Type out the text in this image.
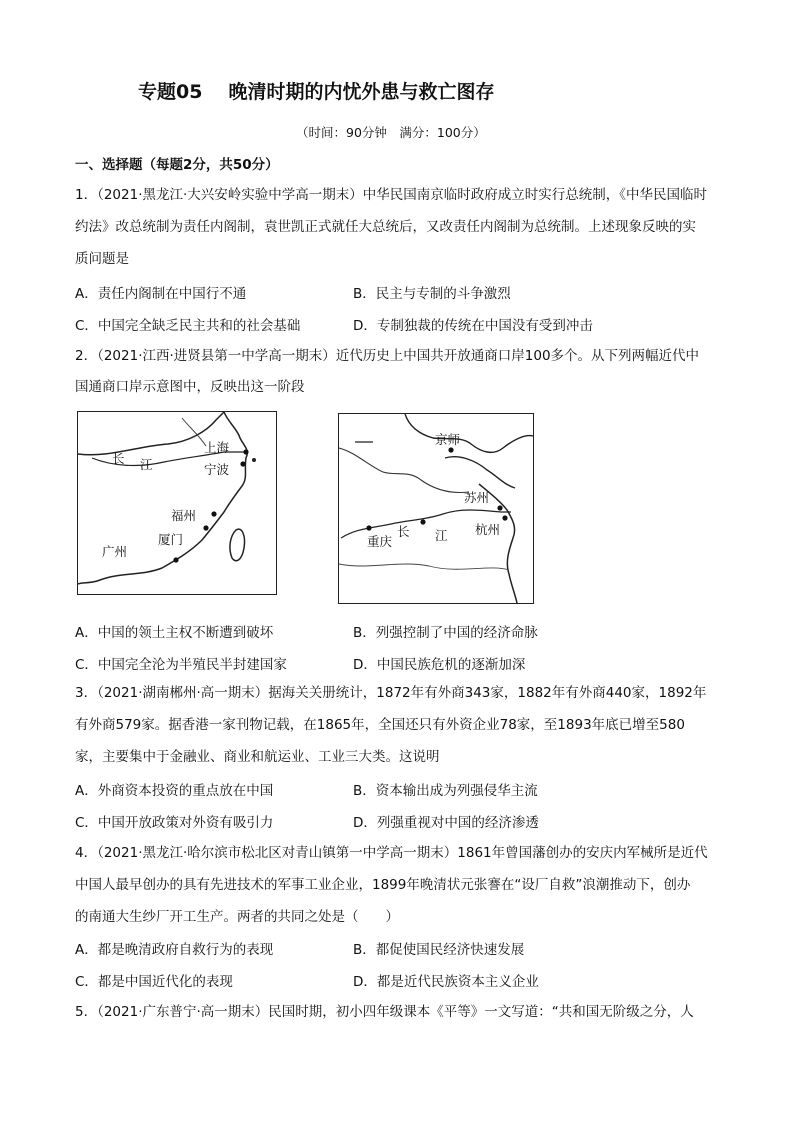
专题05 晚清时期的内忧外患与救亡图存
（时间：90分钟　满分：100分）
一、选择题（每题2分，共50分）
1．（2021·黑龙江·大兴安岭实验中学高一期末）中华民国南京临时政府成立时实行总统制，《中华民国临时
约法》改总统制为责任内阁制，袁世凯正式就任大总统后，又改责任内阁制为总统制。上述现象反映的实
质问题是
A．责任内阁制在中国行不通	B．民主与专制的斗争激烈
C．中国完全缺乏民主共和的社会基础	D．专制独裁的传统在中国没有受到冲击
2．（2021·江西·进贤县第一中学高一期末）近代历史上中国共开放通商口岸100多个。从下列两幅近代中
国通商口岸示意图中，反映出这一阶段
上海
宁波
长 江
福州
厦门
广州
京师
苏州
杭州
重庆
长 江
A．中国的领土主权不断遭到破坏	B．列强控制了中国的经济命脉
C．中国完全沦为半殖民半封建国家	D．中国民族危机的逐渐加深
3．（2021·湖南郴州·高一期末）据海关关册统计，1872年有外商343家，1882年有外商440家，1892年
有外商579家。据香港一家刊物记载，在1865年，全国还只有外资企业78家，至1893年底已增至580
家，主要集中于金融业、商业和航运业、工业三大类。这说明
A．外商资本投资的重点放在中国	B．资本输出成为列强侵华主流
C．中国开放政策对外资有吸引力	D．列强重视对中国的经济渗透
4．（2021·黑龙江·哈尔滨市松北区对青山镇第一中学高一期末）1861年曾国藩创办的安庆内军械所是近代
中国人最早创办的具有先进技术的军事工业企业，1899年晚清状元张謇在“设厂自救”浪潮推动下，创办
的南通大生纱厂开工生产。两者的共同之处是（　　）
A．都是晚清政府自救行为的表现	B．都促使国民经济快速发展
C．都是中国近代化的表现	D．都是近代民族资本主义企业
5．（2021·广东普宁·高一期末）民国时期，初小四年级课本《平等》一文写道：“共和国无阶级之分，人
